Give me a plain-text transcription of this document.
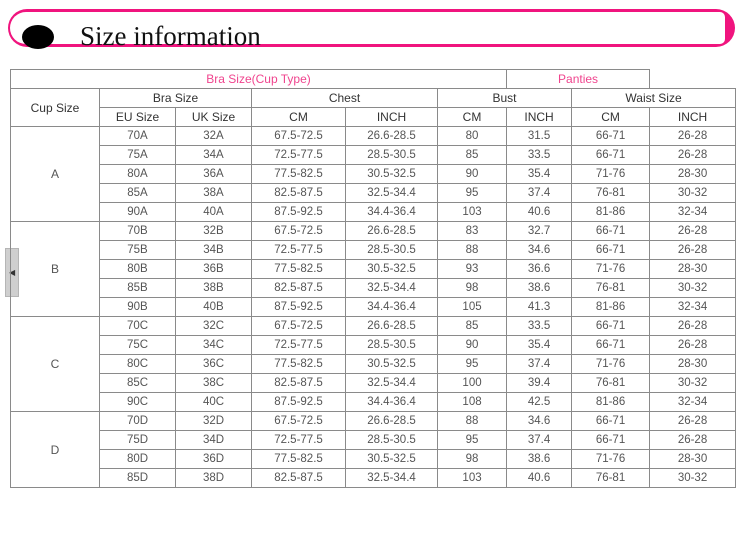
Size information
◀
Bra Size(Cup Type)						Panties		
Cup Size	Bra Size		Chest		Bust		Waist Size	
	EU Size	UK Size	CM	INCH	CM	INCH	CM	INCH
A	70A	32A	67.5-72.5	26.6-28.5	80	31.5	66-71	26-28
	75A	34A	72.5-77.5	28.5-30.5	85	33.5	66-71	26-28
	80A	36A	77.5-82.5	30.5-32.5	90	35.4	71-76	28-30
	85A	38A	82.5-87.5	32.5-34.4	95	37.4	76-81	30-32
	90A	40A	87.5-92.5	34.4-36.4	103	40.6	81-86	32-34
B	70B	32B	67.5-72.5	26.6-28.5	83	32.7	66-71	26-28
	75B	34B	72.5-77.5	28.5-30.5	88	34.6	66-71	26-28
	80B	36B	77.5-82.5	30.5-32.5	93	36.6	71-76	28-30
	85B	38B	82.5-87.5	32.5-34.4	98	38.6	76-81	30-32
	90B	40B	87.5-92.5	34.4-36.4	105	41.3	81-86	32-34
C	70C	32C	67.5-72.5	26.6-28.5	85	33.5	66-71	26-28
	75C	34C	72.5-77.5	28.5-30.5	90	35.4	66-71	26-28
	80C	36C	77.5-82.5	30.5-32.5	95	37.4	71-76	28-30
	85C	38C	82.5-87.5	32.5-34.4	100	39.4	76-81	30-32
	90C	40C	87.5-92.5	34.4-36.4	108	42.5	81-86	32-34
D	70D	32D	67.5-72.5	26.6-28.5	88	34.6	66-71	26-28
	75D	34D	72.5-77.5	28.5-30.5	95	37.4	66-71	26-28
	80D	36D	77.5-82.5	30.5-32.5	98	38.6	71-76	28-30
	85D	38D	82.5-87.5	32.5-34.4	103	40.6	76-81	30-32
